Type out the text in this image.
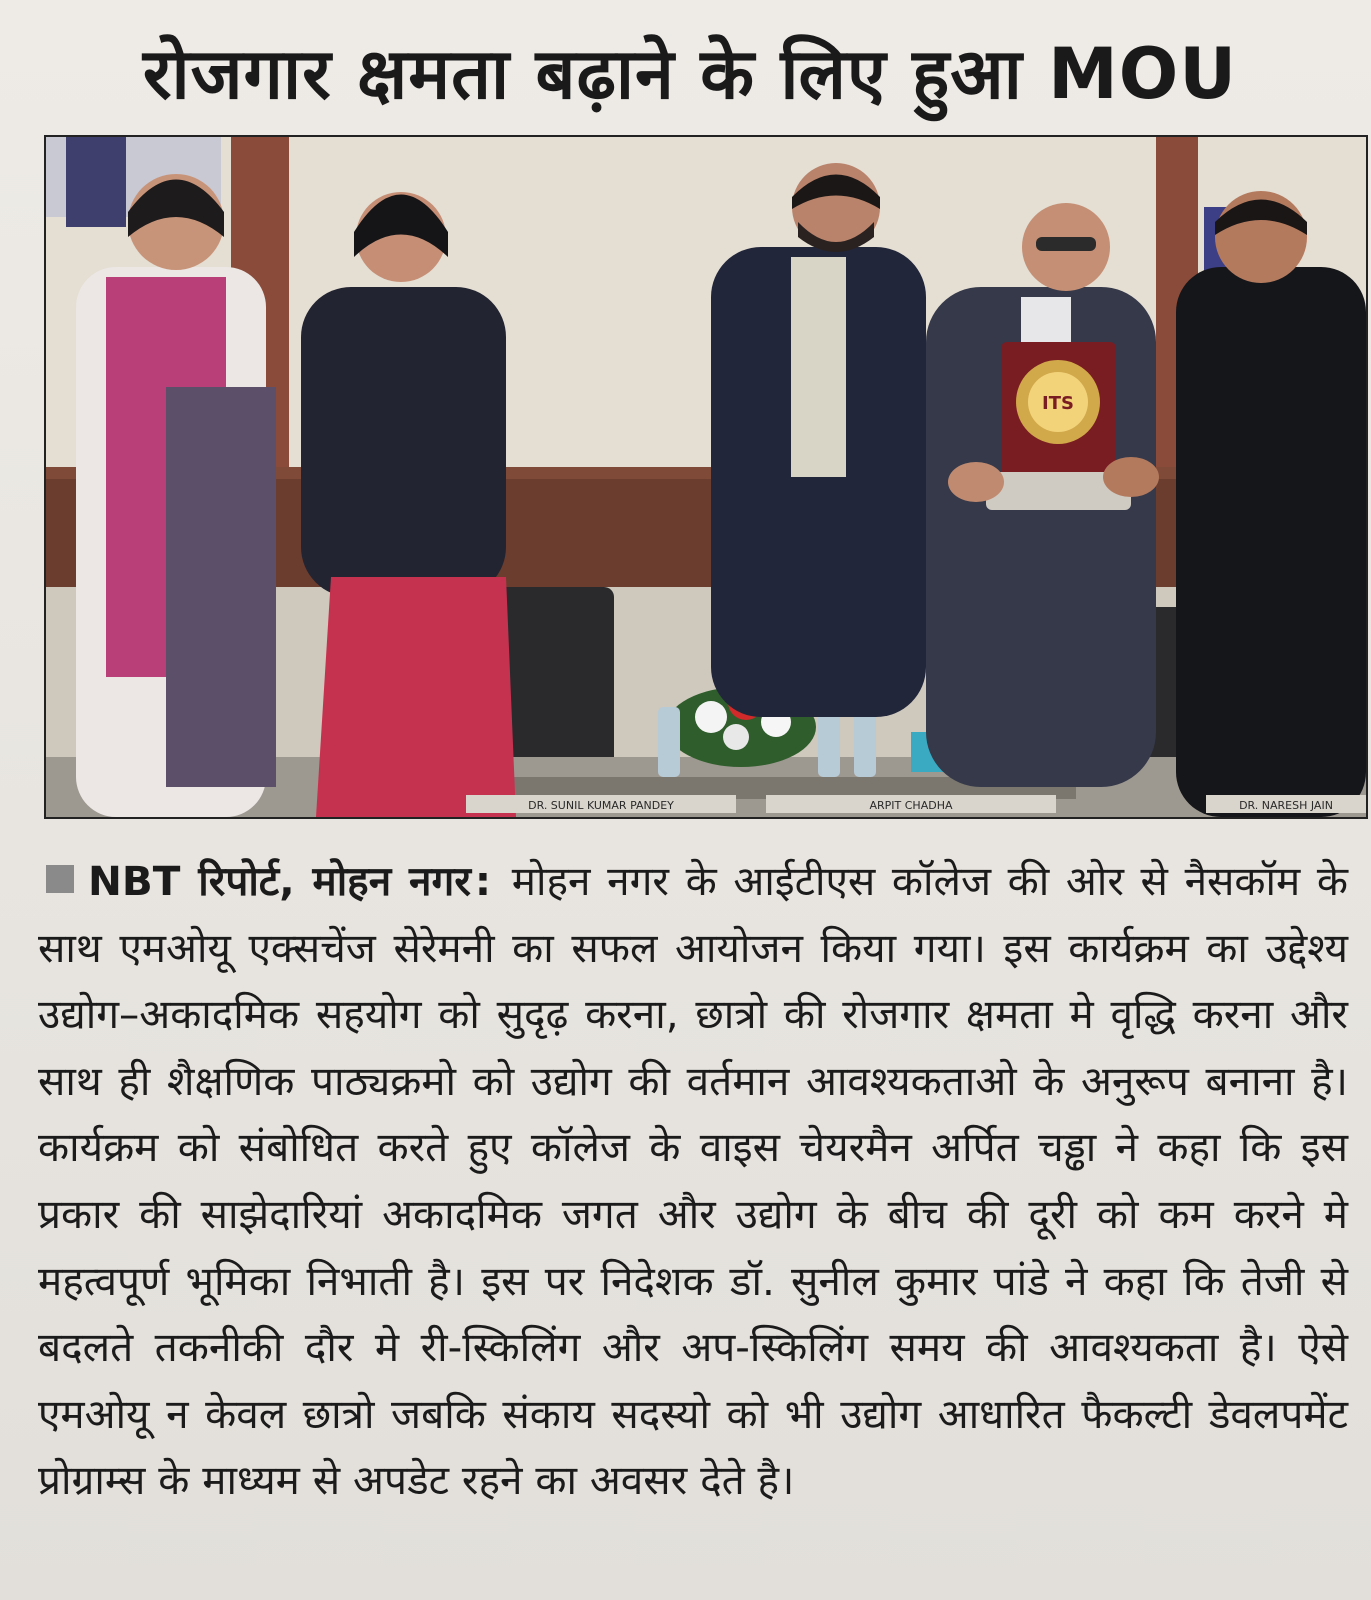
रोजगार क्षमता बढ़ाने के लिए हुआ MOU
ITS
DR. SUNIL KUMAR PANDEY	ARPIT CHADHA	DR. NARESH JAIN
NBT रिपोर्ट, मोहन नगर: मोहन नगर के आईटीएस कॉलेज की ओर से नैसकॉम के साथ एमओयू एक्सचेंज सेरेमनी का सफल आयोजन किया गया। इस कार्यक्रम का उद्देश्य उद्योग–अकादमिक सहयोग को सुदृढ़ करना, छात्रो की रोजगार क्षमता मे वृद्धि करना और साथ ही शैक्षणिक पाठ्यक्रमो को उद्योग की वर्तमान आवश्यकताओ के अनुरूप बनाना है। कार्यक्रम को संबोधित करते हुए कॉलेज के वाइस चेयरमैन अर्पित चड्ढा ने कहा कि इस प्रकार की साझेदारियां अकादमिक जगत और उद्योग के बीच की दूरी को कम करने मे महत्वपूर्ण भूमिका निभाती है। इस पर निदेशक डॉ. सुनील कुमार पांडे ने कहा कि तेजी से बदलते तकनीकी दौर मे री-स्किलिंग और अप-स्किलिंग समय की आवश्यकता है। ऐसे एमओयू न केवल छात्रो जबकि संकाय सदस्यो को भी उद्योग आधारित फैकल्टी डेवलपमेंट प्रोग्राम्स के माध्यम से अपडेट रहने का अवसर देते है।
